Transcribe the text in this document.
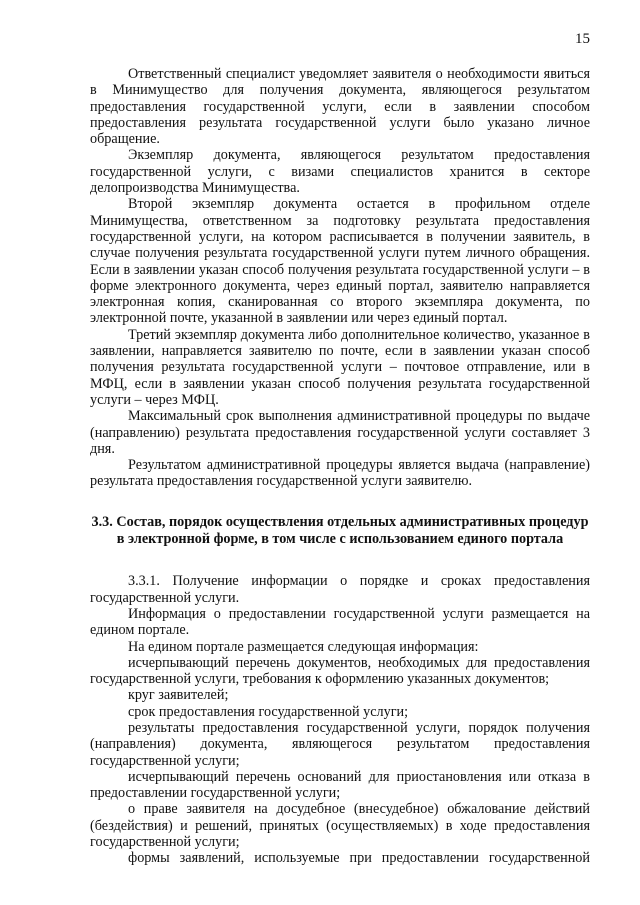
15

Ответственный специалист уведомляет заявителя о необходимости явиться в Минимущество для получения документа, являющегося результатом предоставления государственной услуги, если в заявлении способом предоставления результата государственной услуги было указано личное обращение.

Экземпляр документа, являющегося результатом предоставления государственной услуги, с визами специалистов хранится в секторе делопроизводства Минимущества.

Второй экземпляр документа остается в профильном отделе Минимущества, ответственном за подготовку результата предоставления государственной услуги, на котором расписывается в получении заявитель, в случае получения результата государственной услуги путем личного обращения. Если в заявлении указан способ получения результата государственной услуги – в форме электронного документа, через единый портал, заявителю направляется электронная копия, сканированная со второго экземпляра документа, по электронной почте, указанной в заявлении или через единый портал.

Третий экземпляр документа либо дополнительное количество, указанное в заявлении, направляется заявителю по почте, если в заявлении указан способ получения результата государственной услуги – почтовое отправление, или в МФЦ, если в заявлении указан способ получения результата государственной услуги – через МФЦ.

Максимальный срок выполнения административной процедуры по выдаче (направлению) результата предоставления государственной услуги составляет 3 дня.

Результатом административной процедуры является выдача (направление) результата предоставления государственной услуги заявителю.

3.3. Состав, порядок осуществления отдельных административных процедур в электронной форме, в том числе с использованием единого портала

3.3.1. Получение информации о порядке и сроках предоставления государственной услуги.

Информация о предоставлении государственной услуги размещается на едином портале.

На едином портале размещается следующая информация:

исчерпывающий перечень документов, необходимых для предоставления государственной услуги, требования к оформлению указанных документов;

круг заявителей;

срок предоставления государственной услуги;

результаты предоставления государственной услуги, порядок получения (направления) документа, являющегося результатом предоставления государственной услуги;

исчерпывающий перечень оснований для приостановления или отказа в предоставлении государственной услуги;

о праве заявителя на досудебное (внесудебное) обжалование действий (бездействия) и решений, принятых (осуществляемых) в ходе предоставления государственной услуги;

формы заявлений, используемые при предоставлении государственной
